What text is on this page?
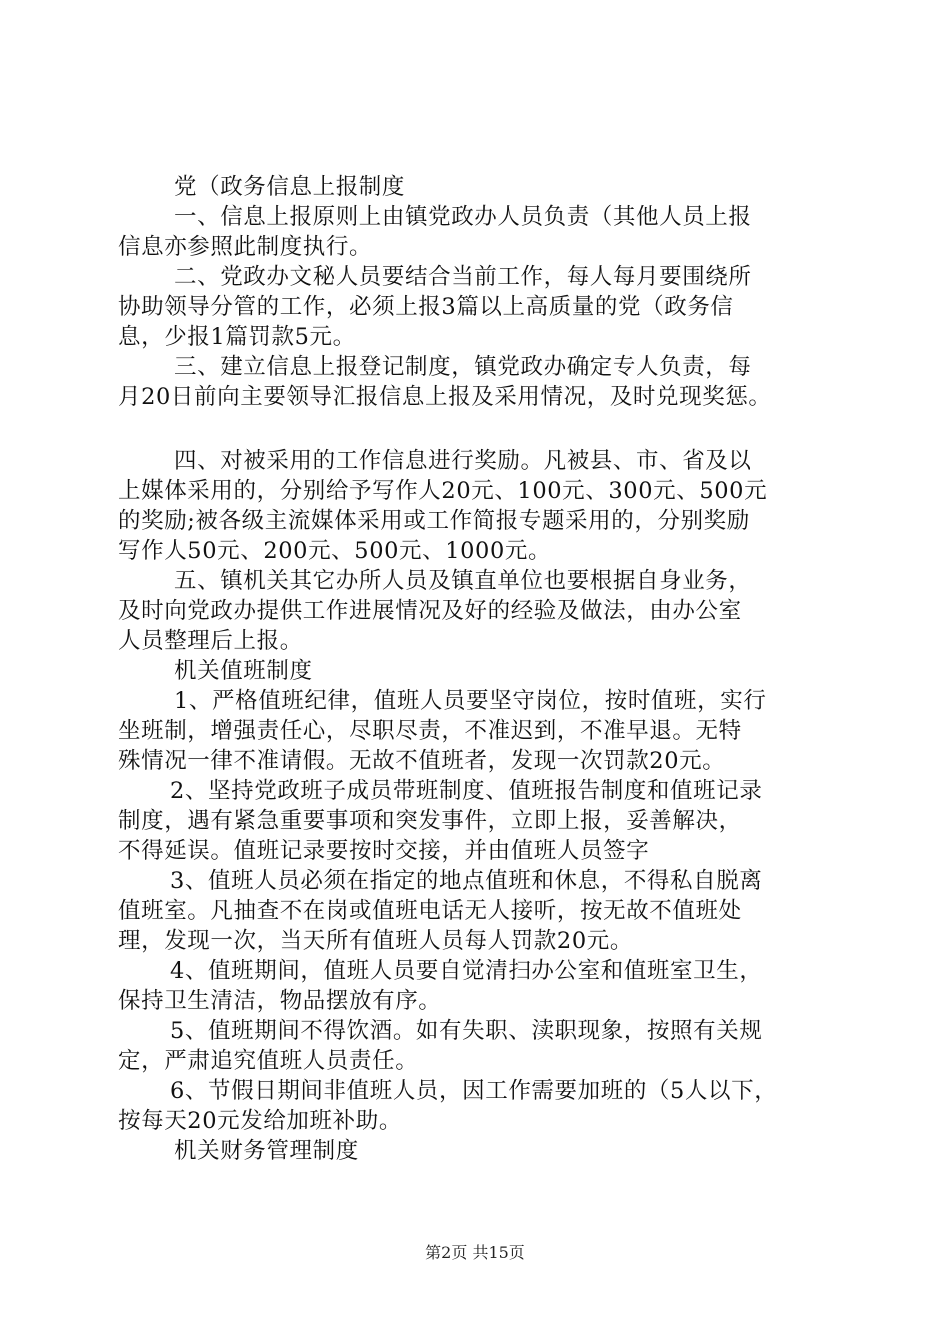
党（政务信息上报制度
一、信息上报原则上由镇党政办人员负责（其他人员上报
信息亦参照此制度执行。
二、党政办文秘人员要结合当前工作，每人每月要围绕所
协助领导分管的工作，必须上报3篇以上高质量的党（政务信
息，少报1篇罚款5元。
三、建立信息上报登记制度，镇党政办确定专人负责，每
月20日前向主要领导汇报信息上报及采用情况，及时兑现奖惩。
四、对被采用的工作信息进行奖励。凡被县、市、省及以
上媒体采用的，分别给予写作人20元、100元、300元、500元
的奖励;被各级主流媒体采用或工作简报专题采用的，分别奖励
写作人50元、200元、500元、1000元。
五、镇机关其它办所人员及镇直单位也要根据自身业务，
及时向党政办提供工作进展情况及好的经验及做法，由办公室
人员整理后上报。
机关值班制度
1、严格值班纪律，值班人员要坚守岗位，按时值班，实行
坐班制，增强责任心，尽职尽责，不准迟到，不准早退。无特
殊情况一律不准请假。无故不值班者，发现一次罚款20元。
2、坚持党政班子成员带班制度、值班报告制度和值班记录
制度，遇有紧急重要事项和突发事件，立即上报，妥善解决，
不得延误。值班记录要按时交接，并由值班人员签字
3、值班人员必须在指定的地点值班和休息，不得私自脱离
值班室。凡抽查不在岗或值班电话无人接听，按无故不值班处
理，发现一次，当天所有值班人员每人罚款20元。
4、值班期间，值班人员要自觉清扫办公室和值班室卫生，
保持卫生清洁，物品摆放有序。
5、值班期间不得饮酒。如有失职、渎职现象，按照有关规
定，严肃追究值班人员责任。
6、节假日期间非值班人员，因工作需要加班的（5人以下，
按每天20元发给加班补助。
机关财务管理制度
第2页 共15页
